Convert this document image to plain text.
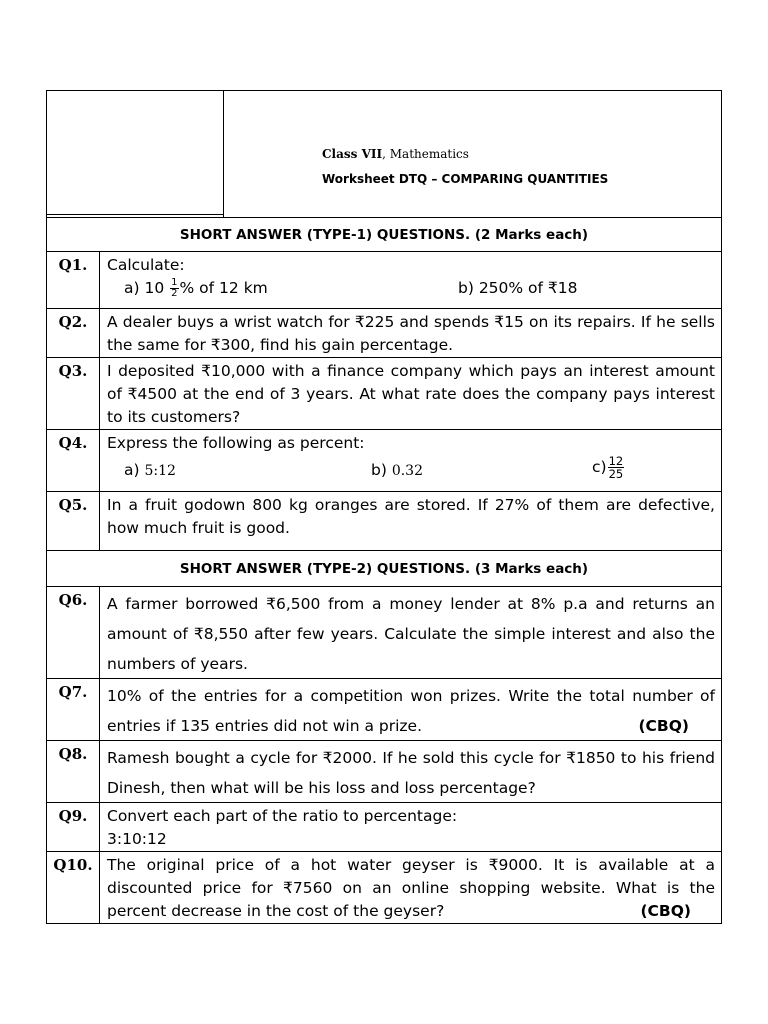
Class VII, Mathematics
Worksheet DTQ – COMPARING QUANTITIES
SHORT ANSWER (TYPE-1) QUESTIONS. (2 Marks each)
Q1.	Calculate:
a) $10 \frac{1}{2}$ % of 12 km	b) 250% of ₹18
Q2.	A dealer buys a wrist watch for ₹225 and spends ₹15 on its repairs. If he sells the same for ₹300, find his gain percentage.
Q3.	I deposited ₹10,000 with a finance company which pays an interest amount of ₹4500 at the end of 3 years. At what rate does the company pays interest to its customers?
Q4.	Express the following as percent:
a) 5:12	b) 0.32	$c) \frac{12}{25}$
Q5.	In a fruit godown 800 kg oranges are stored. If 27% of them are defective, how much fruit is good.
SHORT ANSWER (TYPE-2) QUESTIONS. (3 Marks each)
Q6.	A farmer borrowed ₹6,500 from a money lender at 8% p.a and returns an amount of ₹8,550 after few years. Calculate the simple interest and also the numbers of years.
Q7.	10% of the entries for a competition won prizes. Write the total number of entries if 135 entries did not win a prize.	(CBQ)
Q8.	Ramesh bought a cycle for ₹2000. If he sold this cycle for ₹1850 to his friend Dinesh, then what will be his loss and loss percentage?
Q9.	Convert each part of the ratio to percentage:
3:10:12
Q10. The original price of a hot water geyser is ₹9000. It is available at a discounted price for ₹7560 on an online shopping website. What is the percent decrease in the cost of the geyser?	(CBQ)
